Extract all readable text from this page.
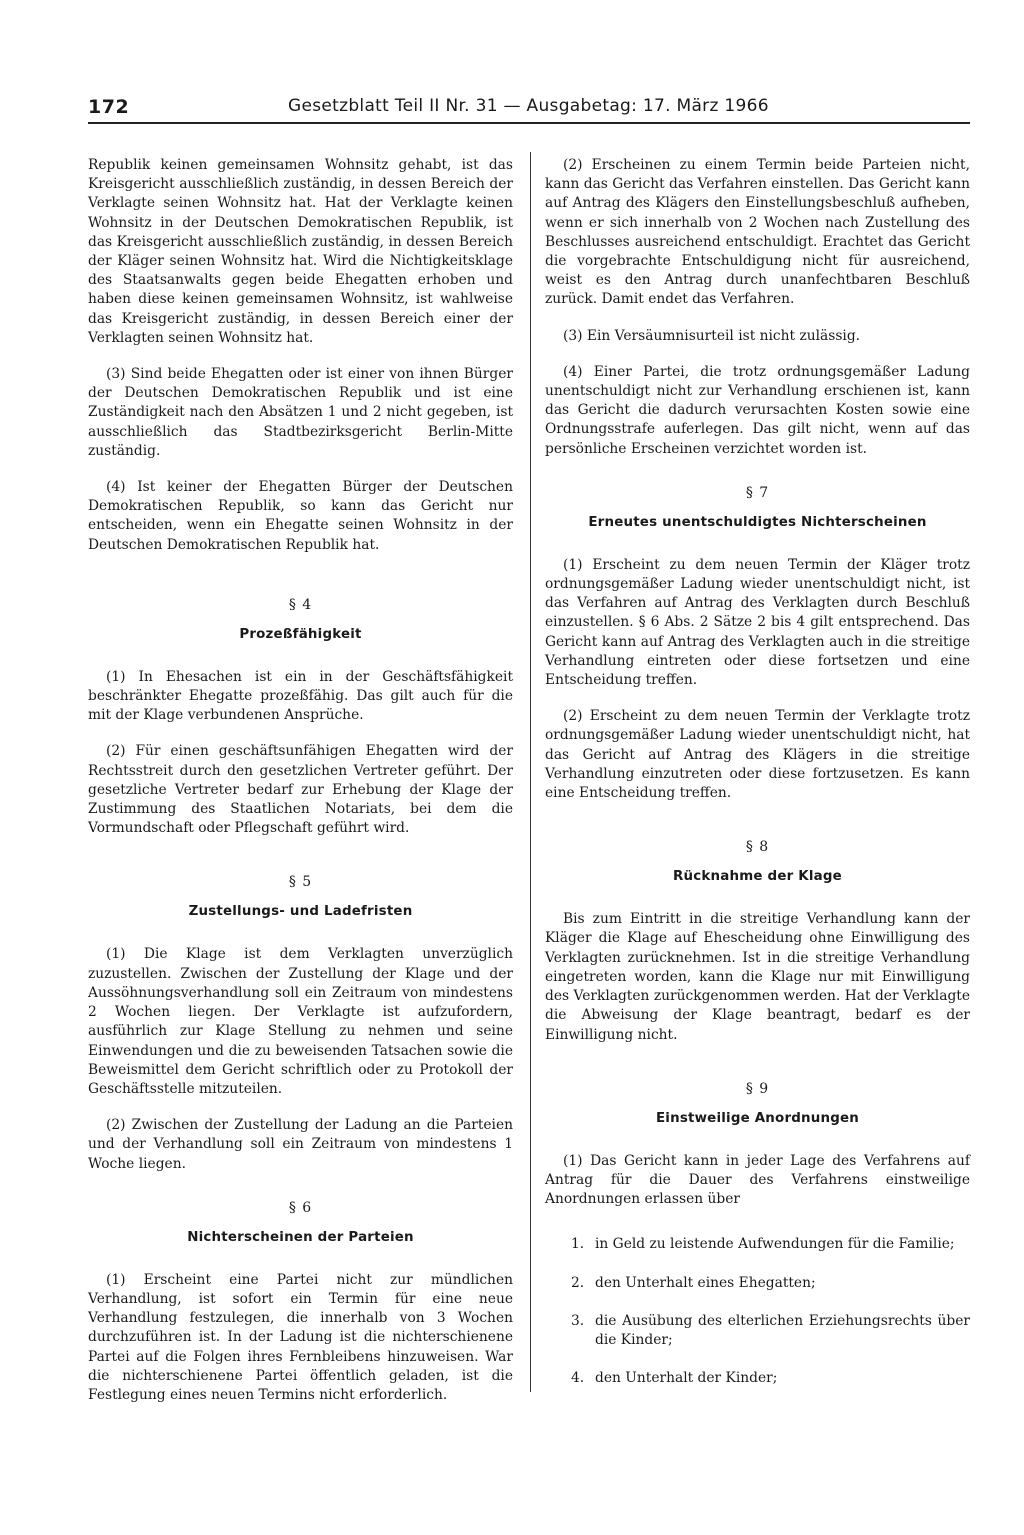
172	Gesetzblatt Teil II Nr. 31 — Ausgabetag: 17. März 1966

Republik keinen gemeinsamen Wohnsitz gehabt, ist das Kreisgericht ausschließlich zuständig, in dessen Bereich der Verklagte seinen Wohnsitz hat. Hat der Verklagte keinen Wohnsitz in der Deutschen Demokratischen Republik, ist das Kreisgericht ausschließlich zuständig, in dessen Bereich der Kläger seinen Wohnsitz hat. Wird die Nichtigkeitsklage des Staatsanwalts gegen beide Ehegatten erhoben und haben diese keinen gemeinsamen Wohnsitz, ist wahlweise das Kreisgericht zuständig, in dessen Bereich einer der Verklagten seinen Wohnsitz hat.

(3) Sind beide Ehegatten oder ist einer von ihnen Bürger der Deutschen Demokratischen Republik und ist eine Zuständigkeit nach den Absätzen 1 und 2 nicht gegeben, ist ausschließlich das Stadtbezirksgericht Berlin-Mitte zuständig.

(4) Ist keiner der Ehegatten Bürger der Deutschen Demokratischen Republik, so kann das Gericht nur entscheiden, wenn ein Ehegatte seinen Wohnsitz in der Deutschen Demokratischen Republik hat.

§ 4

Prozeßfähigkeit

(1) In Ehesachen ist ein in der Geschäftsfähigkeit beschränkter Ehegatte prozeßfähig. Das gilt auch für die mit der Klage verbundenen Ansprüche.

(2) Für einen geschäftsunfähigen Ehegatten wird der Rechtsstreit durch den gesetzlichen Vertreter geführt. Der gesetzliche Vertreter bedarf zur Erhebung der Klage der Zustimmung des Staatlichen Notariats, bei dem die Vormundschaft oder Pflegschaft geführt wird.

§ 5

Zustellungs- und Ladefristen

(1) Die Klage ist dem Verklagten unverzüglich zuzustellen. Zwischen der Zustellung der Klage und der Aussöhnungsverhandlung soll ein Zeitraum von mindestens 2 Wochen liegen. Der Verklagte ist aufzufordern, ausführlich zur Klage Stellung zu nehmen und seine Einwendungen und die zu beweisenden Tatsachen sowie die Beweismittel dem Gericht schriftlich oder zu Protokoll der Geschäftsstelle mitzuteilen.

(2) Zwischen der Zustellung der Ladung an die Parteien und der Verhandlung soll ein Zeitraum von mindestens 1 Woche liegen.

§ 6

Nichterscheinen der Parteien

(1) Erscheint eine Partei nicht zur mündlichen Verhandlung, ist sofort ein Termin für eine neue Verhandlung festzulegen, die innerhalb von 3 Wochen durchzuführen ist. In der Ladung ist die nichterschienene Partei auf die Folgen ihres Fernbleibens hinzuweisen. War die nichterschienene Partei öffentlich geladen, ist die Festlegung eines neuen Termins nicht erforderlich.

(2) Erscheinen zu einem Termin beide Parteien nicht, kann das Gericht das Verfahren einstellen. Das Gericht kann auf Antrag des Klägers den Einstellungsbeschluß aufheben, wenn er sich innerhalb von 2 Wochen nach Zustellung des Beschlusses ausreichend entschuldigt. Erachtet das Gericht die vorgebrachte Entschuldigung nicht für ausreichend, weist es den Antrag durch unanfechtbaren Beschluß zurück. Damit endet das Verfahren.

(3) Ein Versäumnisurteil ist nicht zulässig.

(4) Einer Partei, die trotz ordnungsgemäßer Ladung unentschuldigt nicht zur Verhandlung erschienen ist, kann das Gericht die dadurch verursachten Kosten sowie eine Ordnungsstrafe auferlegen. Das gilt nicht, wenn auf das persönliche Erscheinen verzichtet worden ist.

§ 7

Erneutes unentschuldigtes Nichterscheinen

(1) Erscheint zu dem neuen Termin der Kläger trotz ordnungsgemäßer Ladung wieder unentschuldigt nicht, ist das Verfahren auf Antrag des Verklagten durch Beschluß einzustellen. § 6 Abs. 2 Sätze 2 bis 4 gilt entsprechend. Das Gericht kann auf Antrag des Verklagten auch in die streitige Verhandlung eintreten oder diese fortsetzen und eine Entscheidung treffen.

(2) Erscheint zu dem neuen Termin der Verklagte trotz ordnungsgemäßer Ladung wieder unentschuldigt nicht, hat das Gericht auf Antrag des Klägers in die streitige Verhandlung einzutreten oder diese fortzusetzen. Es kann eine Entscheidung treffen.

§ 8

Rücknahme der Klage

Bis zum Eintritt in die streitige Verhandlung kann der Kläger die Klage auf Ehescheidung ohne Einwilligung des Verklagten zurücknehmen. Ist in die streitige Verhandlung eingetreten worden, kann die Klage nur mit Einwilligung des Verklagten zurückgenommen werden. Hat der Verklagte die Abweisung der Klage beantragt, bedarf es der Einwilligung nicht.

§ 9

Einstweilige Anordnungen

(1) Das Gericht kann in jeder Lage des Verfahrens auf Antrag für die Dauer des Verfahrens einstweilige Anordnungen erlassen über

1. in Geld zu leistende Aufwendungen für die Familie;
2. den Unterhalt eines Ehegatten;
3. die Ausübung des elterlichen Erziehungsrechts über die Kinder;
4. den Unterhalt der Kinder;
